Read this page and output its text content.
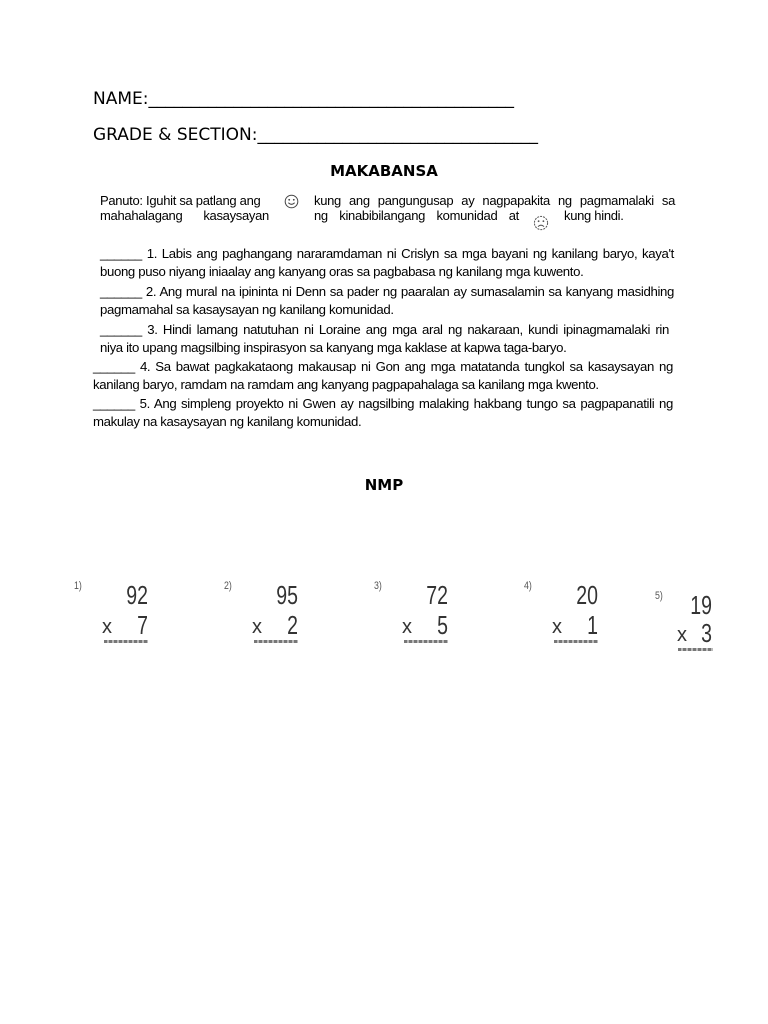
NAME:___________________________________________
GRADE & SECTION:_________________________________
MAKABANSA
Panuto: Iguhit sa patlang ang	kung ang pangungusap ay nagpapakita ng pagmamalaki sa
mahahalagang kasaysayan	ng kinabibilangang komunidad at	kung hindi.
______ 1. Labis ang paghangang nararamdaman ni Crislyn sa mga bayani ng kanilang baryo, kaya't
buong puso niyang iniaalay ang kanyang oras sa pagbabasa ng kanilang mga kuwento.
______ 2. Ang mural na ipininta ni Denn sa pader ng paaralan ay sumasalamin sa kanyang masidhing
pagmamahal sa kasaysayan ng kanilang komunidad.
______ 3. Hindi lamang natutuhan ni Loraine ang mga aral ng nakaraan, kundi ipinagmamalaki rin
niya ito upang magsilbing inspirasyon sa kanyang mga kaklase at kapwa taga-baryo.
______ 4. Sa bawat pagkakataong makausap ni Gon ang mga matatanda tungkol sa kasaysayan ng
kanilang baryo, ramdam na ramdam ang kanyang pagpapahalaga sa kanilang mga kwento.
______ 5. Ang simpleng proyekto ni Gwen ay nagsilbing malaking hakbang tungo sa pagpapanatili ng
makulay na kasaysayan ng kanilang komunidad.
NMP
1)	92
x 7
2)	95
x 2
3)	72
x 5
4)	20
x 1
5)	19
x 3
